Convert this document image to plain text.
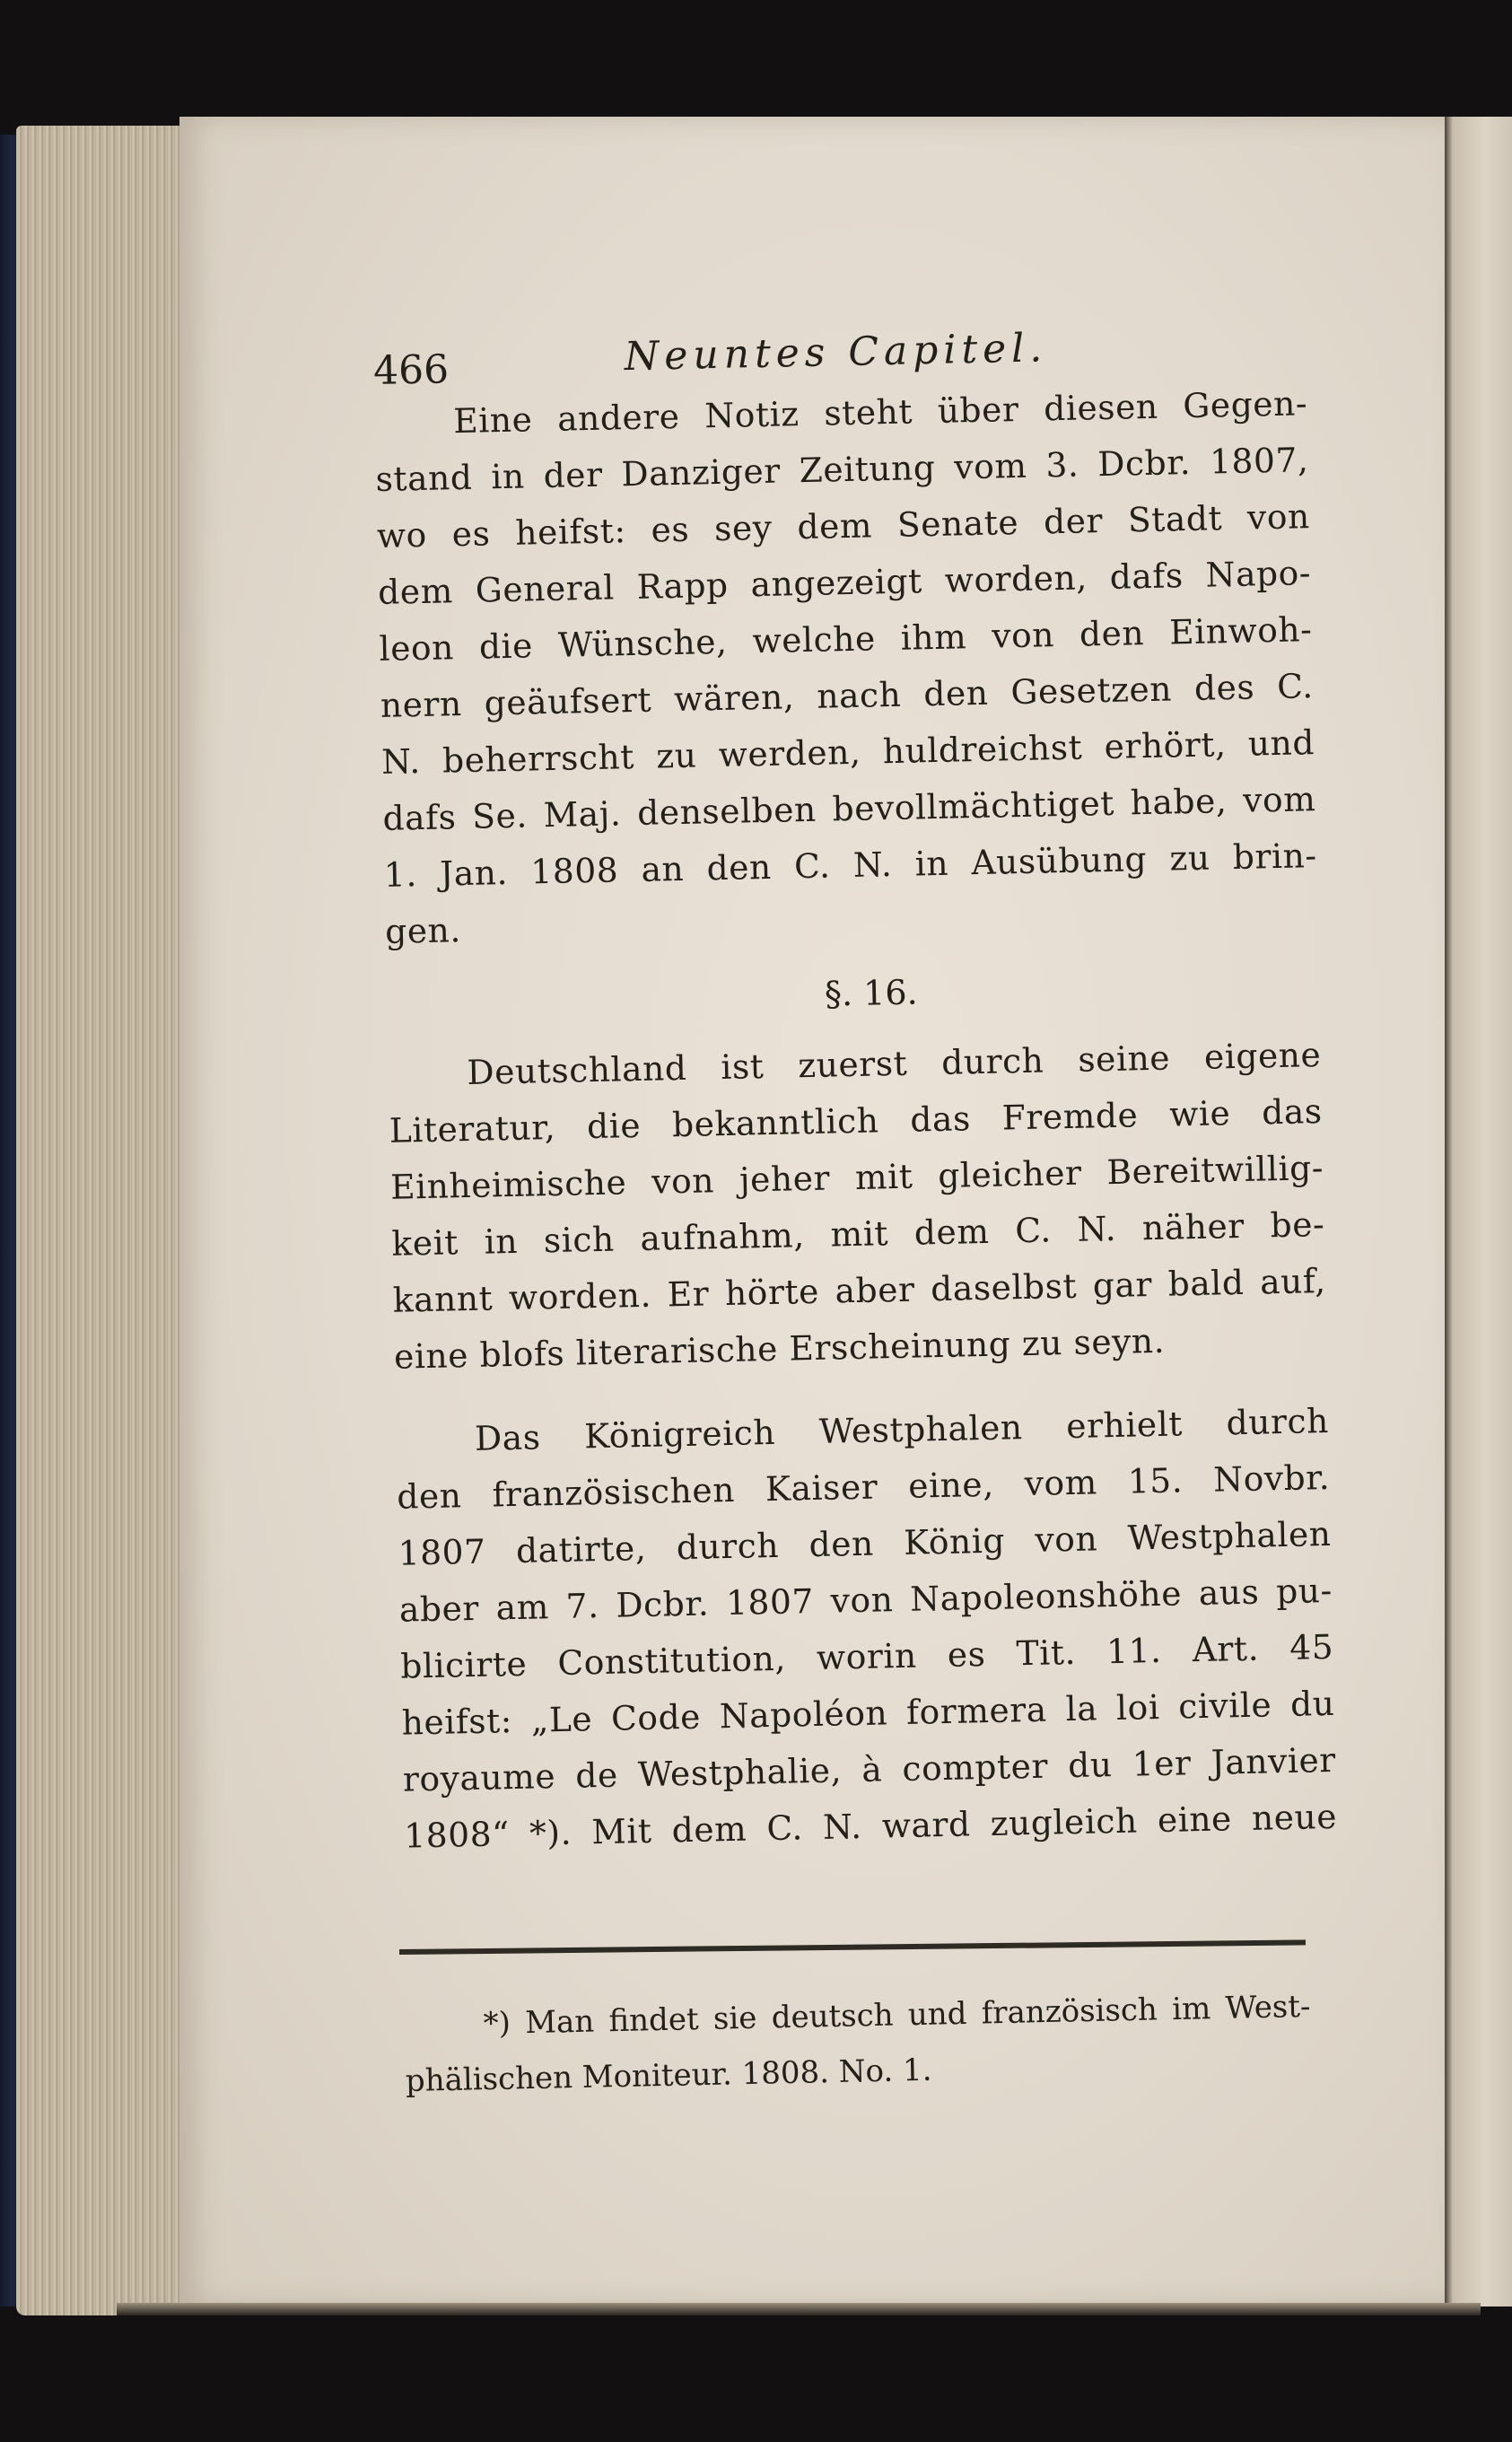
466	Neuntes Capitel.

Eine andere Notiz steht über diesen Gegen-
stand in der Danziger Zeitung vom 3. Dcbr. 1807,
wo es heifst: es sey dem Senate der Stadt von
dem General Rapp angezeigt worden, dafs Napo-
leon die Wünsche, welche ihm von den Einwoh-
nern geäufsert wären, nach den Gesetzen des C.
N. beherrscht zu werden, huldreichst erhört, und
dafs Se. Maj. denselben bevollmächtiget habe, vom
1. Jan. 1808 an den C. N. in Ausübung zu brin-
gen.

§. 16.

Deutschland ist zuerst durch seine eigene
Literatur, die bekanntlich das Fremde wie das
Einheimische von jeher mit gleicher Bereitwillig-
keit in sich aufnahm, mit dem C. N. näher be-
kannt worden. Er hörte aber daselbst gar bald auf,
eine blofs literarische Erscheinung zu seyn.

Das Königreich Westphalen erhielt durch
den französischen Kaiser eine, vom 15. Novbr.
1807 datirte, durch den König von Westphalen
aber am 7. Dcbr. 1807 von Napoleonshöhe aus pu-
blicirte Constitution, worin es Tit. 11. Art. 45
heifst: „Le Code Napoléon formera la loi civile du
royaume de Westphalie, à compter du 1er Janvier
1808“ *). Mit dem C. N. ward zugleich eine neue

*) Man findet sie deutsch und französisch im West-
phälischen Moniteur. 1808. No. 1.
